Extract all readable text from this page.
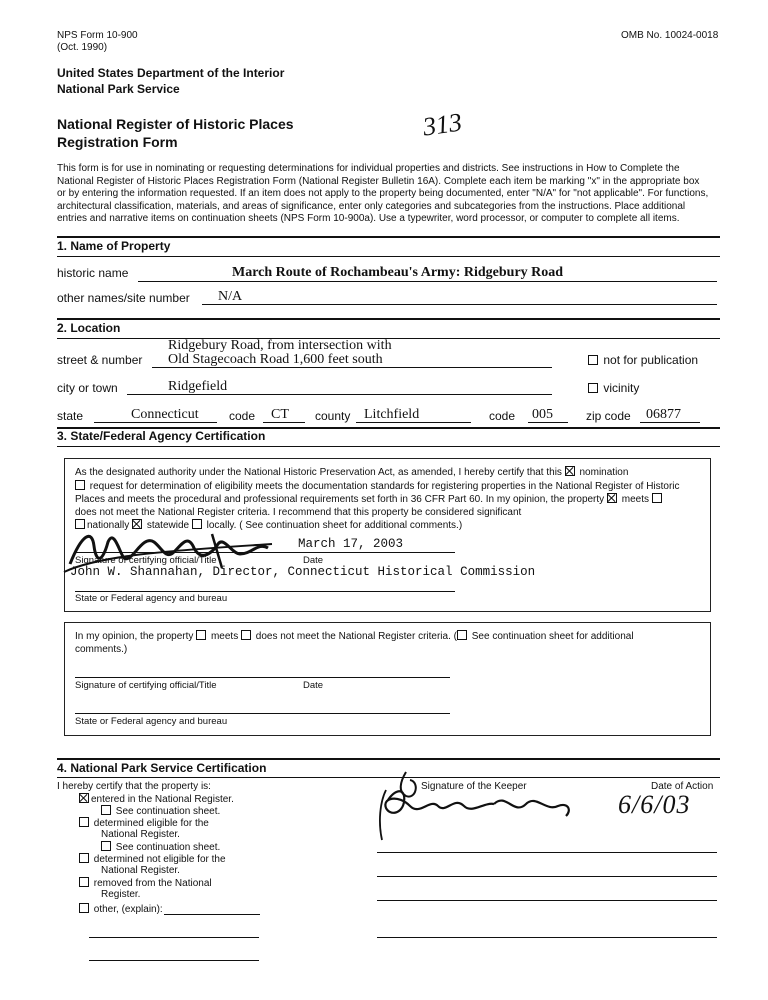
NPS Form 10-900
(Oct. 1990)
OMB No. 10024-0018
United States Department of the Interior
National Park Service
National Register of Historic Places
Registration Form
313
This form is for use in nominating or requesting determinations for individual properties and districts. See instructions in How to Complete the
National Register of Historic Places Registration Form (National Register Bulletin 16A). Complete each item be marking "x" in the appropriate box
or by entering the information requested. If an item does not apply to the property being documented, enter "N/A" for "not applicable". For functions,
architectural classification, materials, and areas of significance, enter only categories and subcategories from the instructions. Place additional
entries and narrative items on continuation sheets (NPS Form 10-900a). Use a typewriter, word processor, or computer to complete all items.
1. Name of Property
historic name	March Route of Rochambeau's Army: Ridgebury Road
other names/site number N/A
2. Location
Ridgebury Road, from intersection with
street & number Old Stagecoach Road 1,600 feet south	not for publication
city or town	Ridgefield	vicinity
state	Connecticut	code CT county Litchfield	code 005	zip code 06877
3. State/Federal Agency Certification
As the designated authority under the National Historic Preservation Act, as amended, I hereby certify that this nomination
request for determination of eligibility meets the documentation standards for registering properties in the National Register of Historic
Places and meets the procedural and professional requirements set forth in 36 CFR Part 60. In my opinion, the property meets
does not meet the National Register criteria. I recommend that this property be considered significant
nationally statewide locally. ( See continuation sheet for additional comments.)
March 17, 2003
Signature of certifying official/Title	Date
John W. Shannahan, Director, Connecticut Historical Commission
State or Federal agency and bureau
In my opinion, the property meets does not meet the National Register criteria. ( See continuation sheet for additional
comments.)
Signature of certifying official/Title	Date
State or Federal agency and bureau
4. National Park Service Certification
I hereby certify that the property is:
entered in the National Register.
See continuation sheet.
determined eligible for the
National Register.
See continuation sheet.
determined not eligible for the
National Register.
removed from the National
Register.
other, (explain):
Signature of the Keeper	Date of Action
6/6/03
